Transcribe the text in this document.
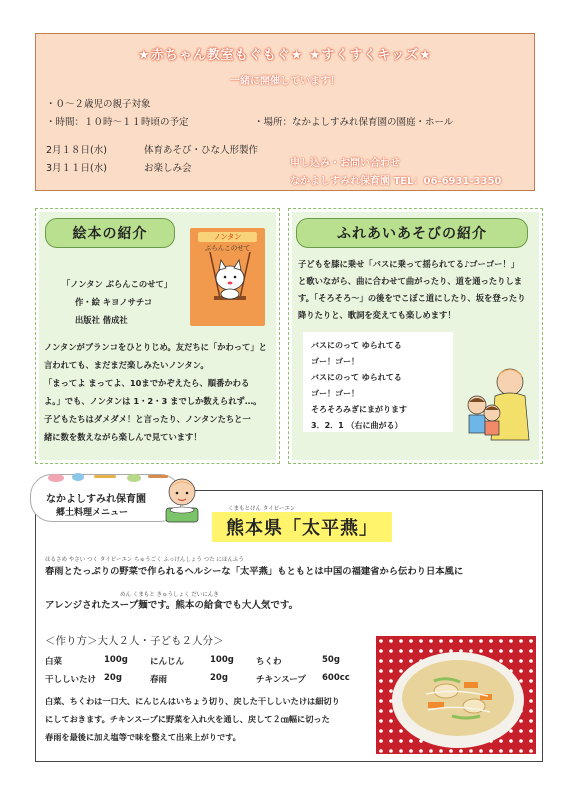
★赤ちゃん教室もぐもぐ★ ★すくすくキッズ★
一緒に開催しています！
・０～２歳児の親子対象
・時間：１０時～１１時頃の予定	・場所：なかよしすみれ保育園の園庭・ホール
2月１８日(水)	体育あそび・ひな人形製作
3月１１日(水)	お楽しみ会	申し込み・お問い合わせ
なかよしすみれ保育園 TEL：06-6931-3350
絵本の紹介
「ノンタン ぶらんこのせて」
作・絵 キヨノサチコ
出版社 偕成社
ノンタン
ぶらんこのせて
ノンタンがブランコをひとりじめ。友だちに「かわって」と
言われても、まだまだ楽しみたいノンタン。
「まってよ まってよ、10までかぞえたら、順番かわる
よ。」でも、ノンタンは 1・2・3 までしか数えられず…。
子どもたちはダメダメ！と言ったり、ノンタンたちと一
緒に数を数えながら楽しんで見ています！
ふれあいあそびの紹介
子どもを膝に乗せ「バスに乗って揺られてる♪ゴーゴー！」
と歌いながら、曲に合わせて曲がったり、道を通ったりしま
す。「そろそろ～」の後をでこぼこ道にしたり、坂を登ったり
降りたりと、歌詞を変えても楽しめます！
バスにのって ゆられてる
ゴー！ゴー！
バスにのって ゆられてる
ゴー！ゴー！
そろそろみぎにまがります
3．2．1 （右に曲がる）
なかよしすみれ保育園
郷土料理メニュー	くまもとけん タイピーエン
熊本県「太平燕」
はるさめ やさい つく タイピーエン ちゅうごく ふっけんしょう つた にほんふう
春雨とたっぷりの野菜で作られるヘルシーな「太平燕」もともとは中国の福建省から伝わり日本風に
めん くまもと きゅうしょく だいにんき
アレンジされたスープ麺です。熊本の給食でも大人気です。
＜作り方＞大人２人・子ども２人分＞
白菜	100g	にんじん	100g	ちくわ	50g
干ししいたけ 20g	春雨	20g	チキンスープ 600cc
白菜、ちくわは一口大、にんじんはいちょう切り、戻した干ししいたけは細切り
にしておきます。チキンスープに野菜を入れ火を通し、戻して２㎝幅に切った
春雨を最後に加え塩等で味を整えて出来上がりです。
